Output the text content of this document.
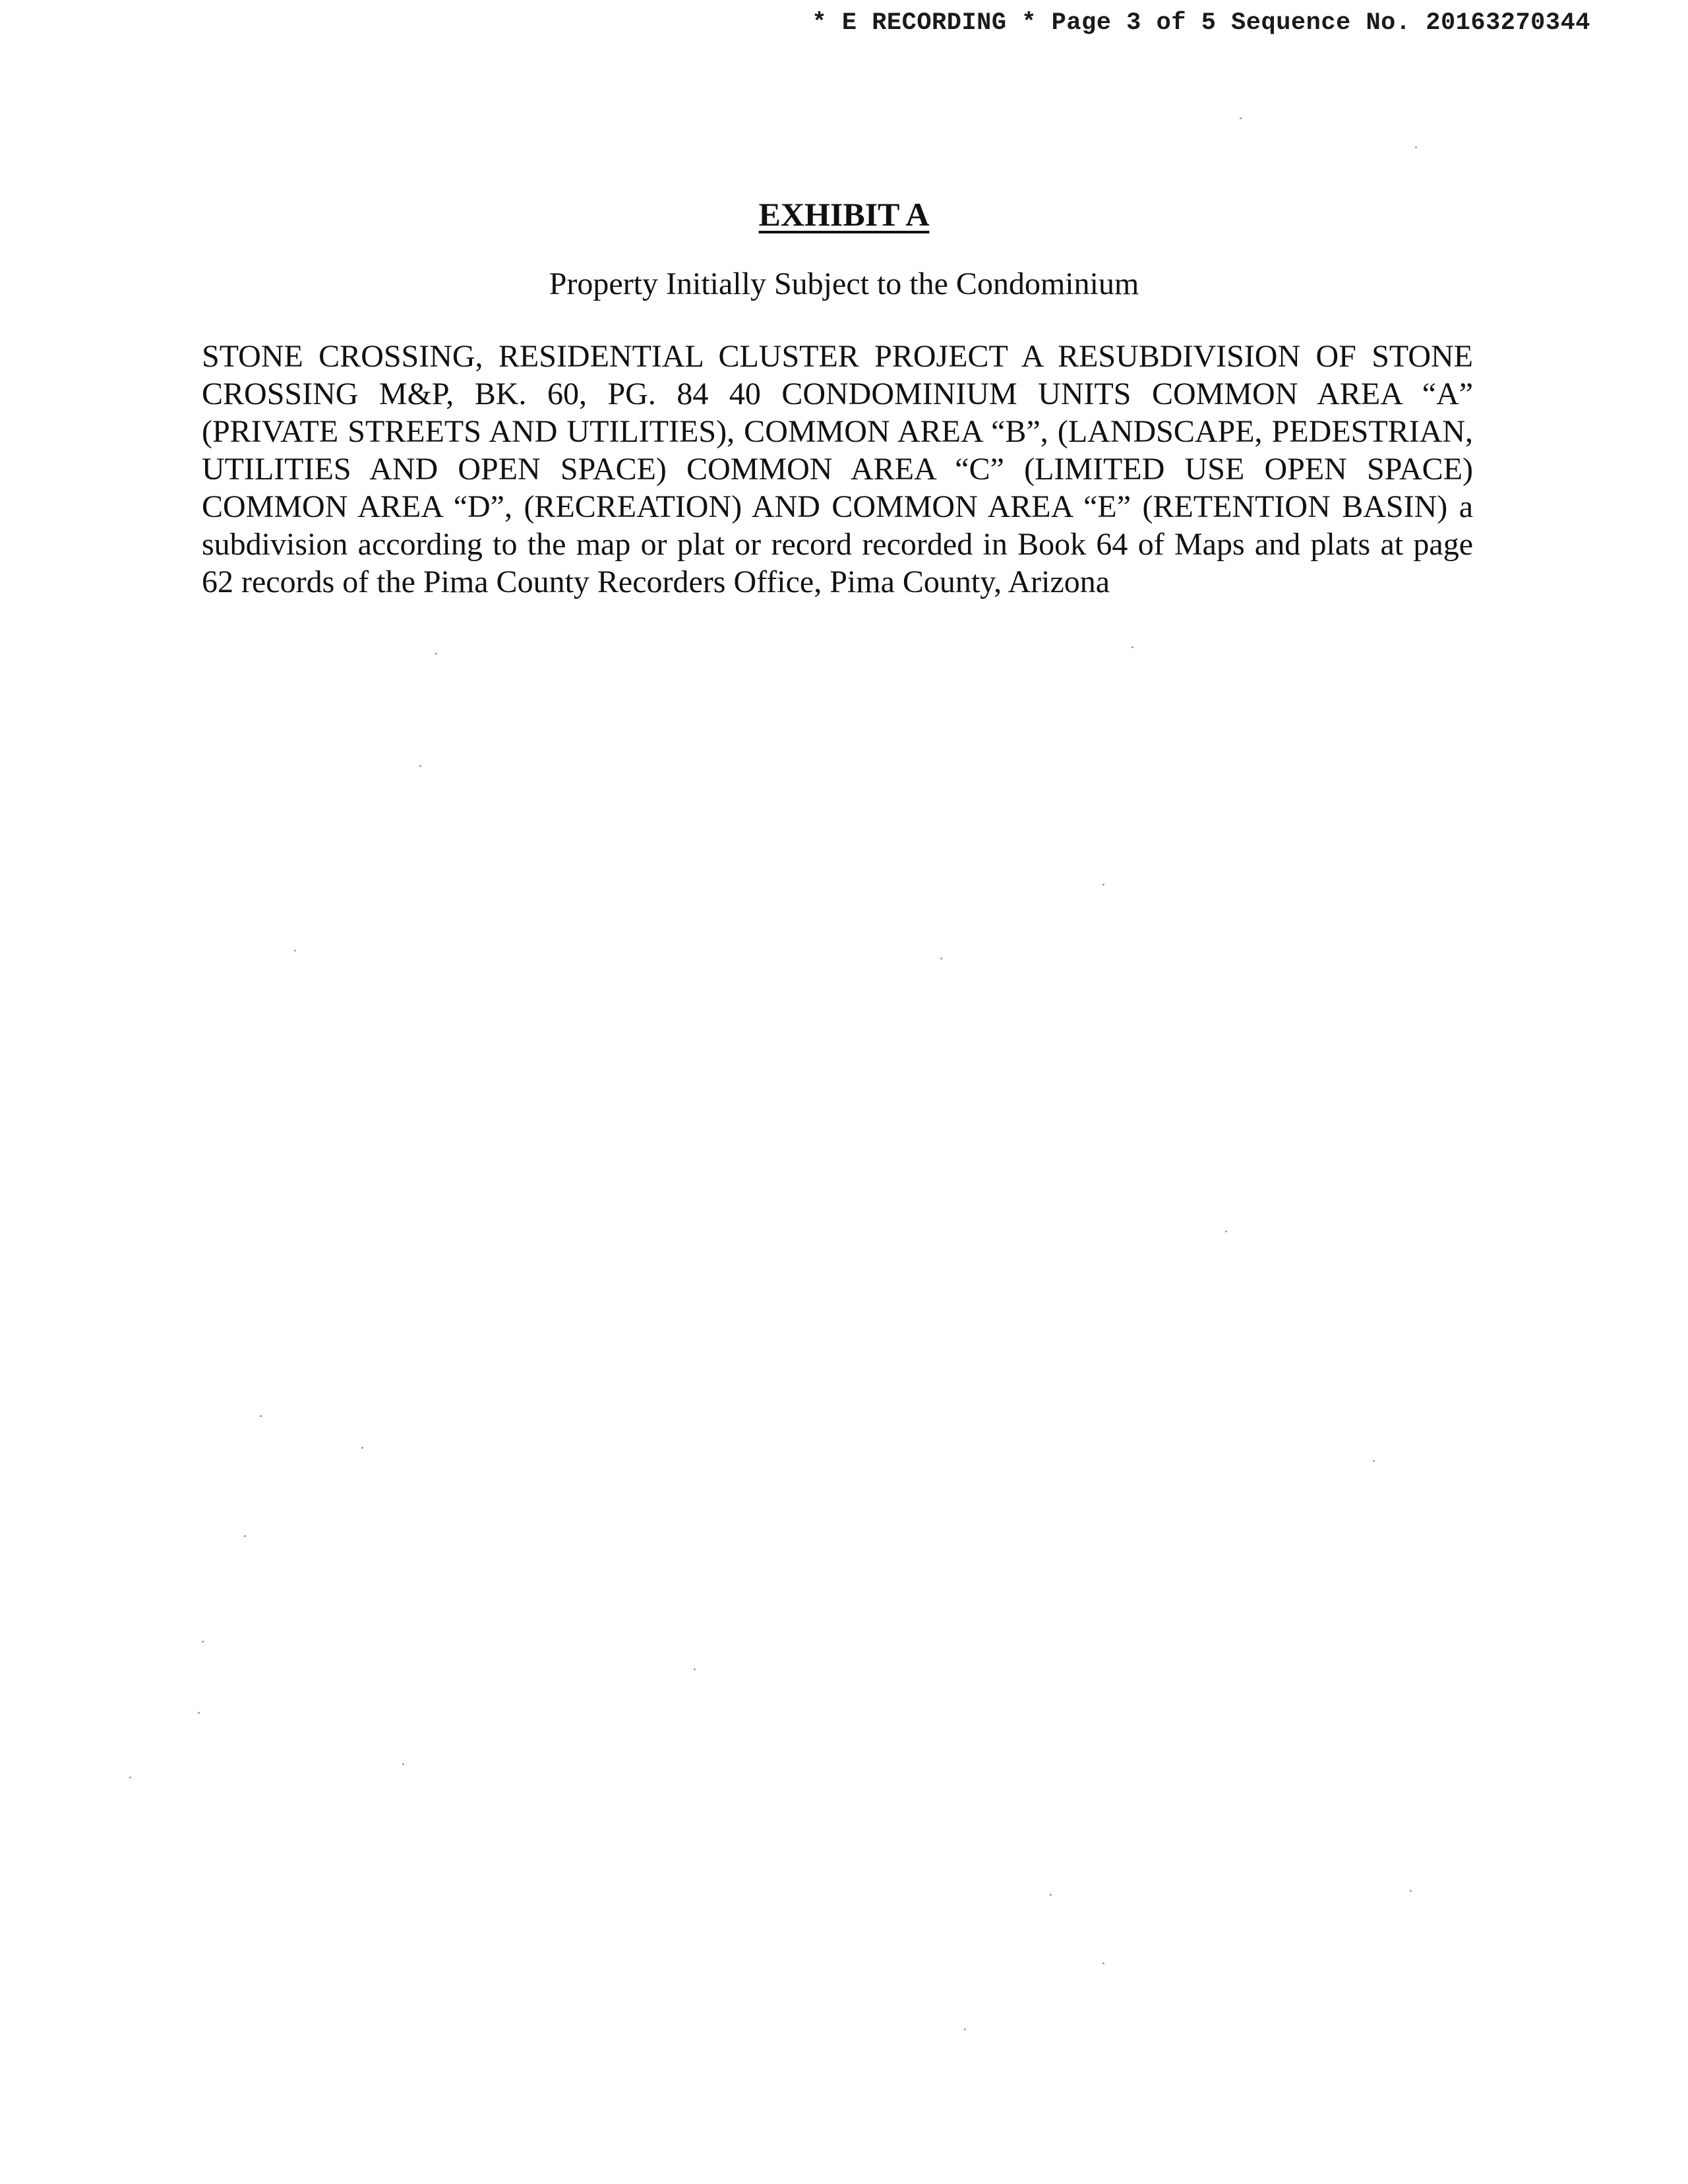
* E RECORDING * Page 3 of 5 Sequence No. 20163270344
EXHIBIT A
Property Initially Subject to the Condominium

STONE CROSSING, RESIDENTIAL CLUSTER PROJECT A RESUBDIVISION OF STONE CROSSING M&P, BK. 60, PG. 84 40 CONDOMINIUM UNITS COMMON AREA “A” (PRIVATE STREETS AND UTILITIES), COMMON AREA “B”, (LANDSCAPE, PEDESTRIAN, UTILITIES AND OPEN SPACE) COMMON AREA “C” (LIMITED USE OPEN SPACE) COMMON AREA “D”, (RECREATION) AND COMMON AREA “E” (RETENTION BASIN) a subdivision according to the map or plat or record recorded in Book 64 of Maps and plats at page 62 records of the Pima County Recorders Office, Pima County, Arizona
